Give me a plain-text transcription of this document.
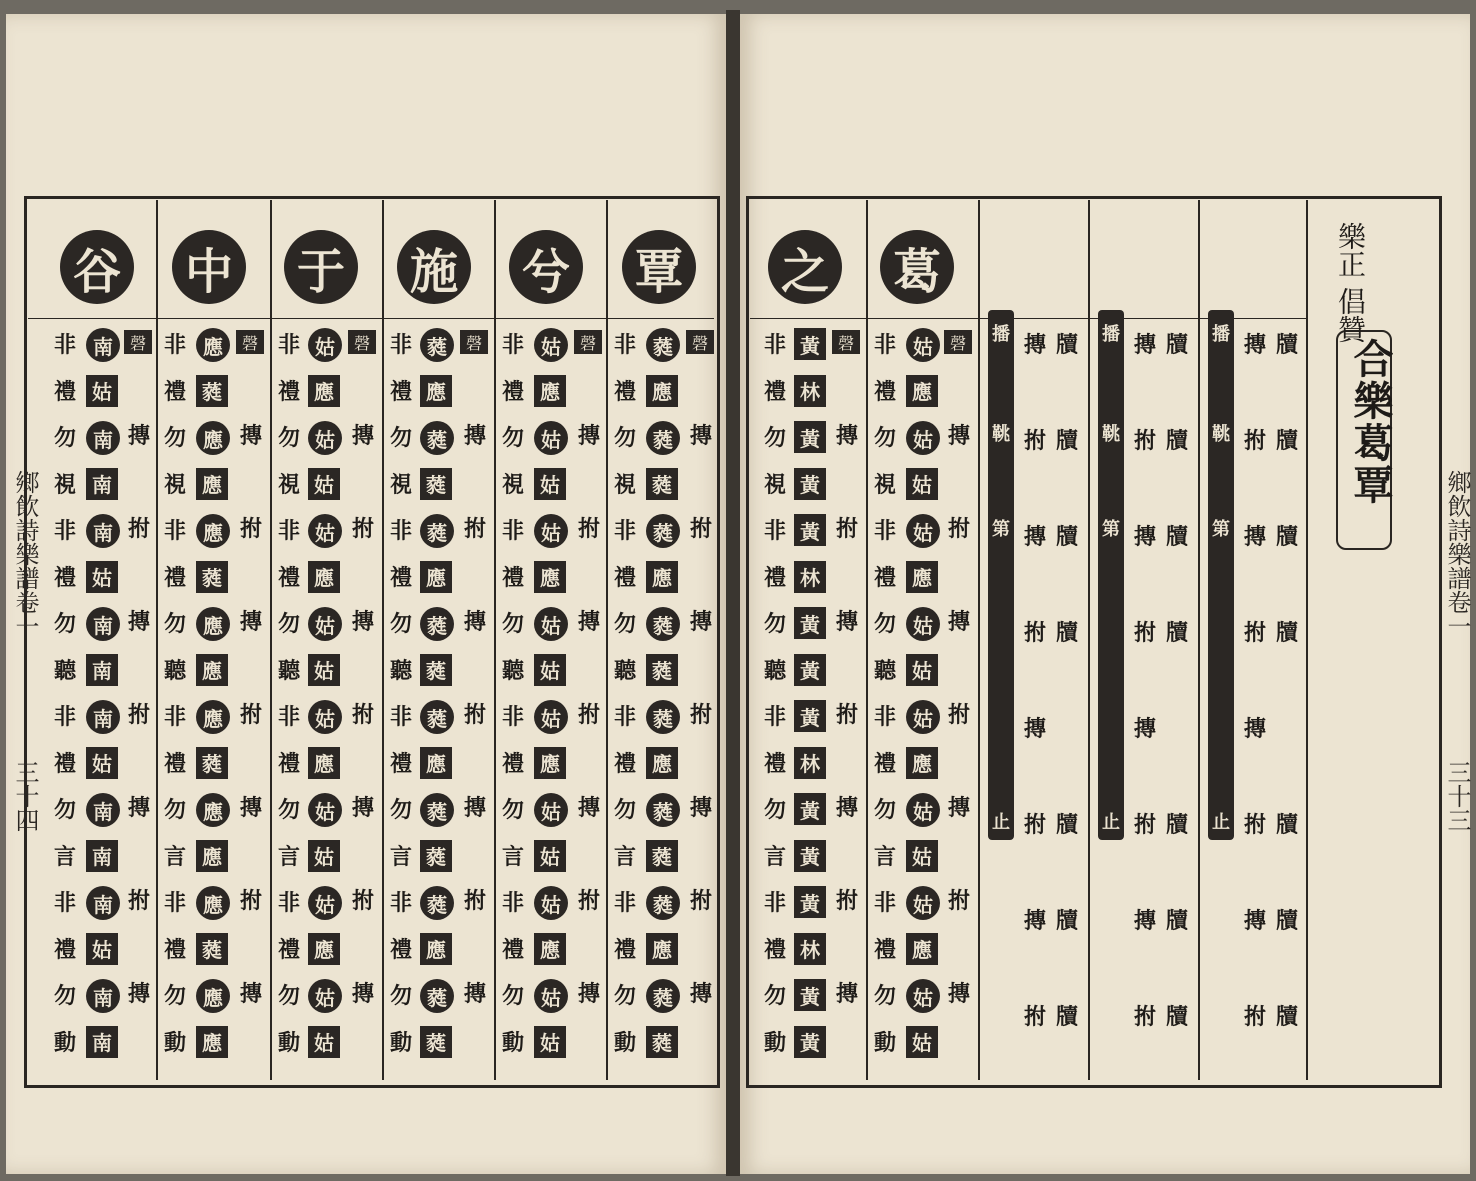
鄉飲詩樂譜卷一
三十四
鄉飲詩樂譜卷一
三十三
合樂葛覃
樂正 倡贊
谷 中 于 施 兮 覃
磬
非 南
禮 姑
勿 南 摶
視 南
非 南 拊
禮 姑
勿 南 摶
聽 南
非 南 拊
禮 姑
勿 南 摶
言 南
非 南 拊
禮 姑
勿 南 摶
動 南
磬
非 應
禮 蕤
勿 應 摶
視 應
非 應 拊
禮 蕤
勿 應 摶
聽 應
非 應 拊
禮 蕤
勿 應 摶
言 應
非 應 拊
禮 蕤
勿 應 摶
動 應
磬
非 姑
禮 應
勿 姑 摶
視 姑
非 姑 拊
禮 應
勿 姑 摶
聽 姑
非 姑 拊
禮 應
勿 姑 摶
言 姑
非 姑 拊
禮 應
勿 姑 摶
動 姑
磬
非 蕤
禮 應
勿 蕤 摶
視 蕤
非 蕤 拊
禮 應
勿 蕤 摶
聽 蕤
非 蕤 拊
禮 應
勿 蕤 摶
言 蕤
非 蕤 拊
禮 應
勿 蕤 摶
動 蕤
磬
非 姑
禮 應
勿 姑 摶
視 姑
非 姑 拊
禮 應
勿 姑 摶
聽 姑
非 姑 拊
禮 應
勿 姑 摶
言 姑
非 姑 拊
禮 應
勿 姑 摶
動 姑
磬
非 蕤
禮 應
勿 蕤 摶
視 蕤
非 蕤 拊
禮 應
勿 蕤 摶
聽 蕤
非 蕤 拊
禮 應
勿 蕤 摶
言 蕤
非 蕤 拊
禮 應
勿 蕤 摶
動 蕤
之 葛
磬
非 黃
禮 林
勿 黃 摶
視 黃
非 黃 拊
禮 林
勿 黃 摶
聽 黃
非 黃 拊
禮 林
勿 黃 摶
言 黃
非 黃 拊
禮 林
勿 黃 摶
動 黃
磬
非 姑
禮 應
勿 姑 摶
視 姑
非 姑 拊
禮 應
勿 姑 摶
聽 姑
非 姑 拊
禮 應
勿 姑 摶
言 姑
非 姑 拊
禮 應
勿 姑 摶
動 姑
播
鞉
第
止
摶
拊
摶
拊
摶
拊
摶
拊
牘
牘
牘
牘
牘
牘
牘
播
鞉
第
止
摶
拊
摶
拊
摶
拊
摶
拊
牘
牘
牘
牘
牘
牘
牘
播
鞉
第
止
摶
拊
摶
拊
摶
拊
摶
拊
牘
牘
牘
牘
牘
牘
牘
